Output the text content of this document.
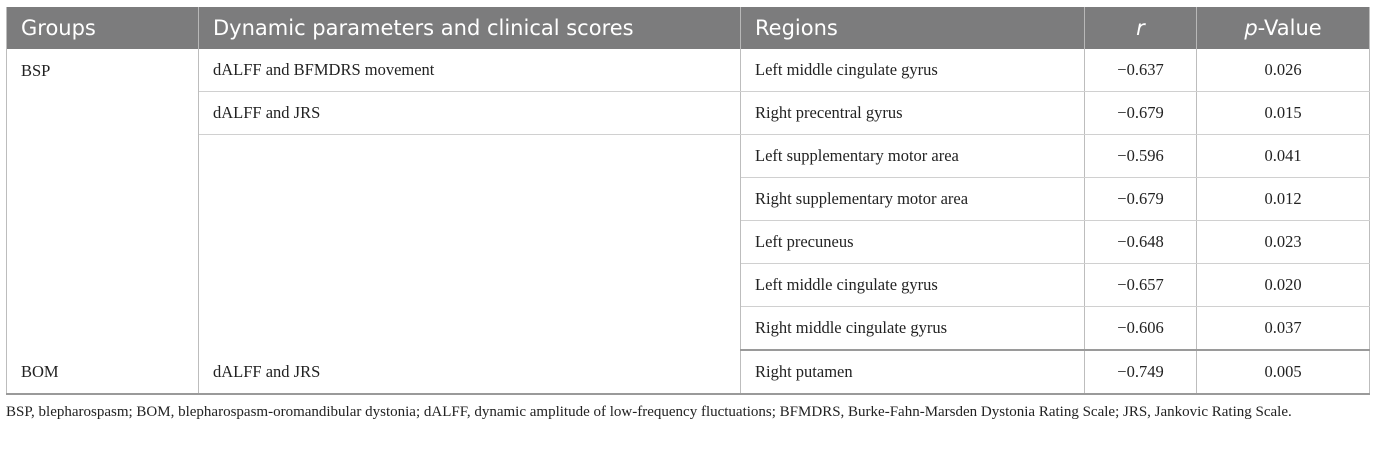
Groups	Dynamic parameters and clinical scores	Regions	r	p-Value
BSP	dALFF and BFMDRS movement	Left middle cingulate gyrus	−0.637	0.026
	dALFF and JRS	Right precentral gyrus	−0.679	0.015
		Left supplementary motor area	−0.596	0.041
		Right supplementary motor area	−0.679	0.012
		Left precuneus	−0.648	0.023
		Left middle cingulate gyrus	−0.657	0.020
		Right middle cingulate gyrus	−0.606	0.037
BOM	dALFF and JRS	Right putamen	−0.749	0.005
BSP, blepharospasm; BOM, blepharospasm-oromandibular dystonia; dALFF, dynamic amplitude of low-frequency fluctuations; BFMDRS, Burke-Fahn-Marsden Dystonia Rating Scale; JRS, Jankovic Rating Scale.
